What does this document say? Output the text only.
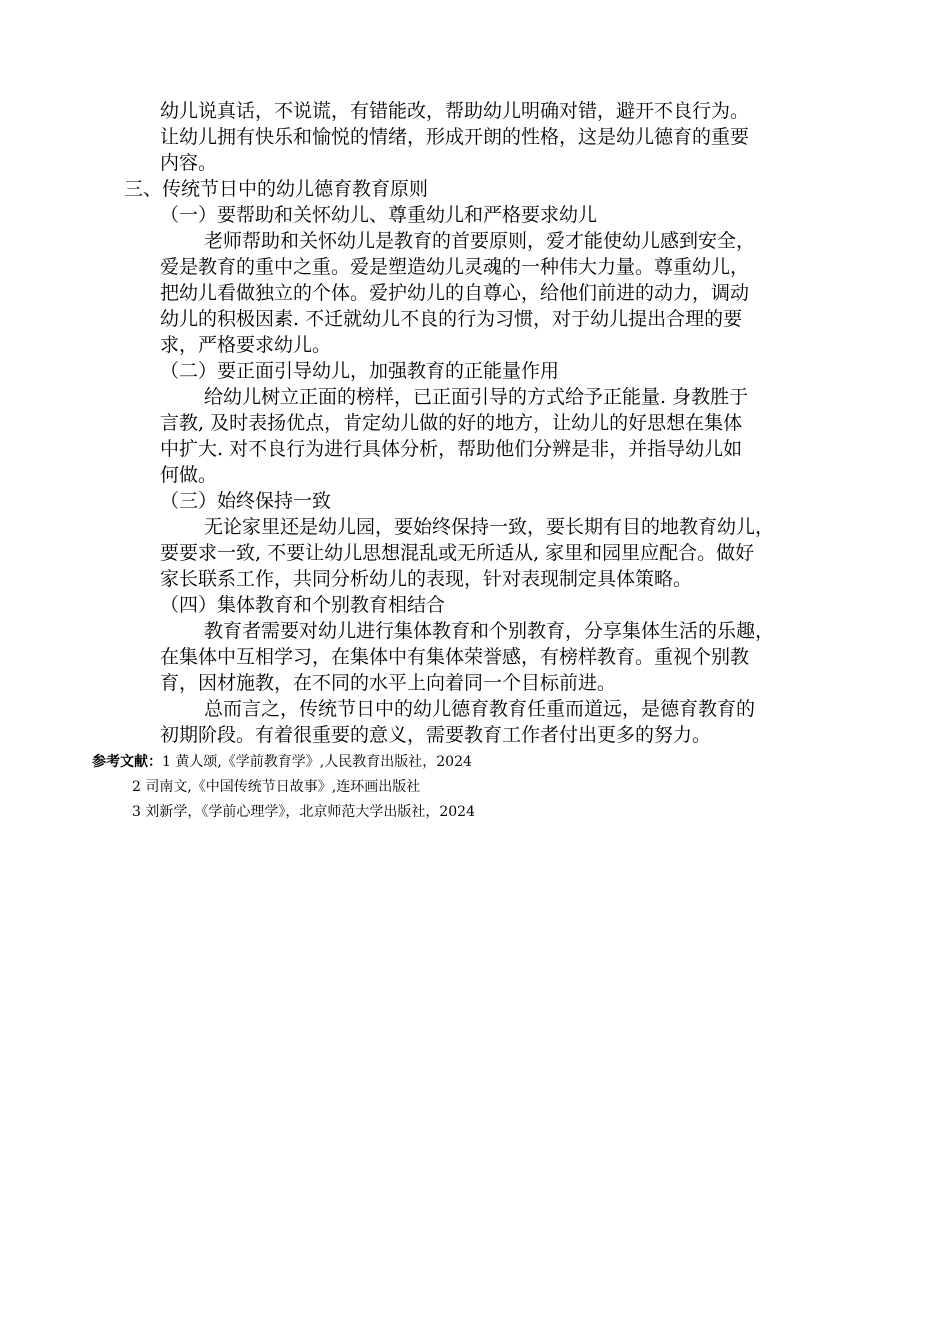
幼儿说真话，不说谎，有错能改，帮助幼儿明确对错，避开不良行为。
让幼儿拥有快乐和愉悦的情绪，形成开朗的性格，这是幼儿德育的重要
内容。
三、传统节日中的幼儿德育教育原则
（一）要帮助和关怀幼儿、尊重幼儿和严格要求幼儿
老师帮助和关怀幼儿是教育的首要原则，爱才能使幼儿感到安全，
爱是教育的重中之重。爱是塑造幼儿灵魂的一种伟大力量。尊重幼儿，
把幼儿看做独立的个体。爱护幼儿的自尊心，给他们前进的动力，调动
幼儿的积极因素. 不迁就幼儿不良的行为习惯，对于幼儿提出合理的要
求，严格要求幼儿。
（二）要正面引导幼儿，加强教育的正能量作用
给幼儿树立正面的榜样，已正面引导的方式给予正能量. 身教胜于
言教, 及时表扬优点，肯定幼儿做的好的地方，让幼儿的好思想在集体
中扩大. 对不良行为进行具体分析，帮助他们分辨是非，并指导幼儿如
何做。
（三）始终保持一致
无论家里还是幼儿园，要始终保持一致，要长期有目的地教育幼儿，
要要求一致, 不要让幼儿思想混乱或无所适从, 家里和园里应配合。做好
家长联系工作，共同分析幼儿的表现，针对表现制定具体策略。
（四）集体教育和个别教育相结合
教育者需要对幼儿进行集体教育和个别教育，分享集体生活的乐趣，
在集体中互相学习，在集体中有集体荣誉感，有榜样教育。重视个别教
育，因材施教，在不同的水平上向着同一个目标前进。
总而言之，传统节日中的幼儿德育教育任重而道远，是德育教育的
初期阶段。有着很重要的意义，需要教育工作者付出更多的努力。
参考文献：1 黄人颂,《学前教育学》,人民教育出版社，2024
2 司南文,《中国传统节日故事》,连环画出版社
3 刘新学，《学前心理学》，北京师范大学出版社，2024
